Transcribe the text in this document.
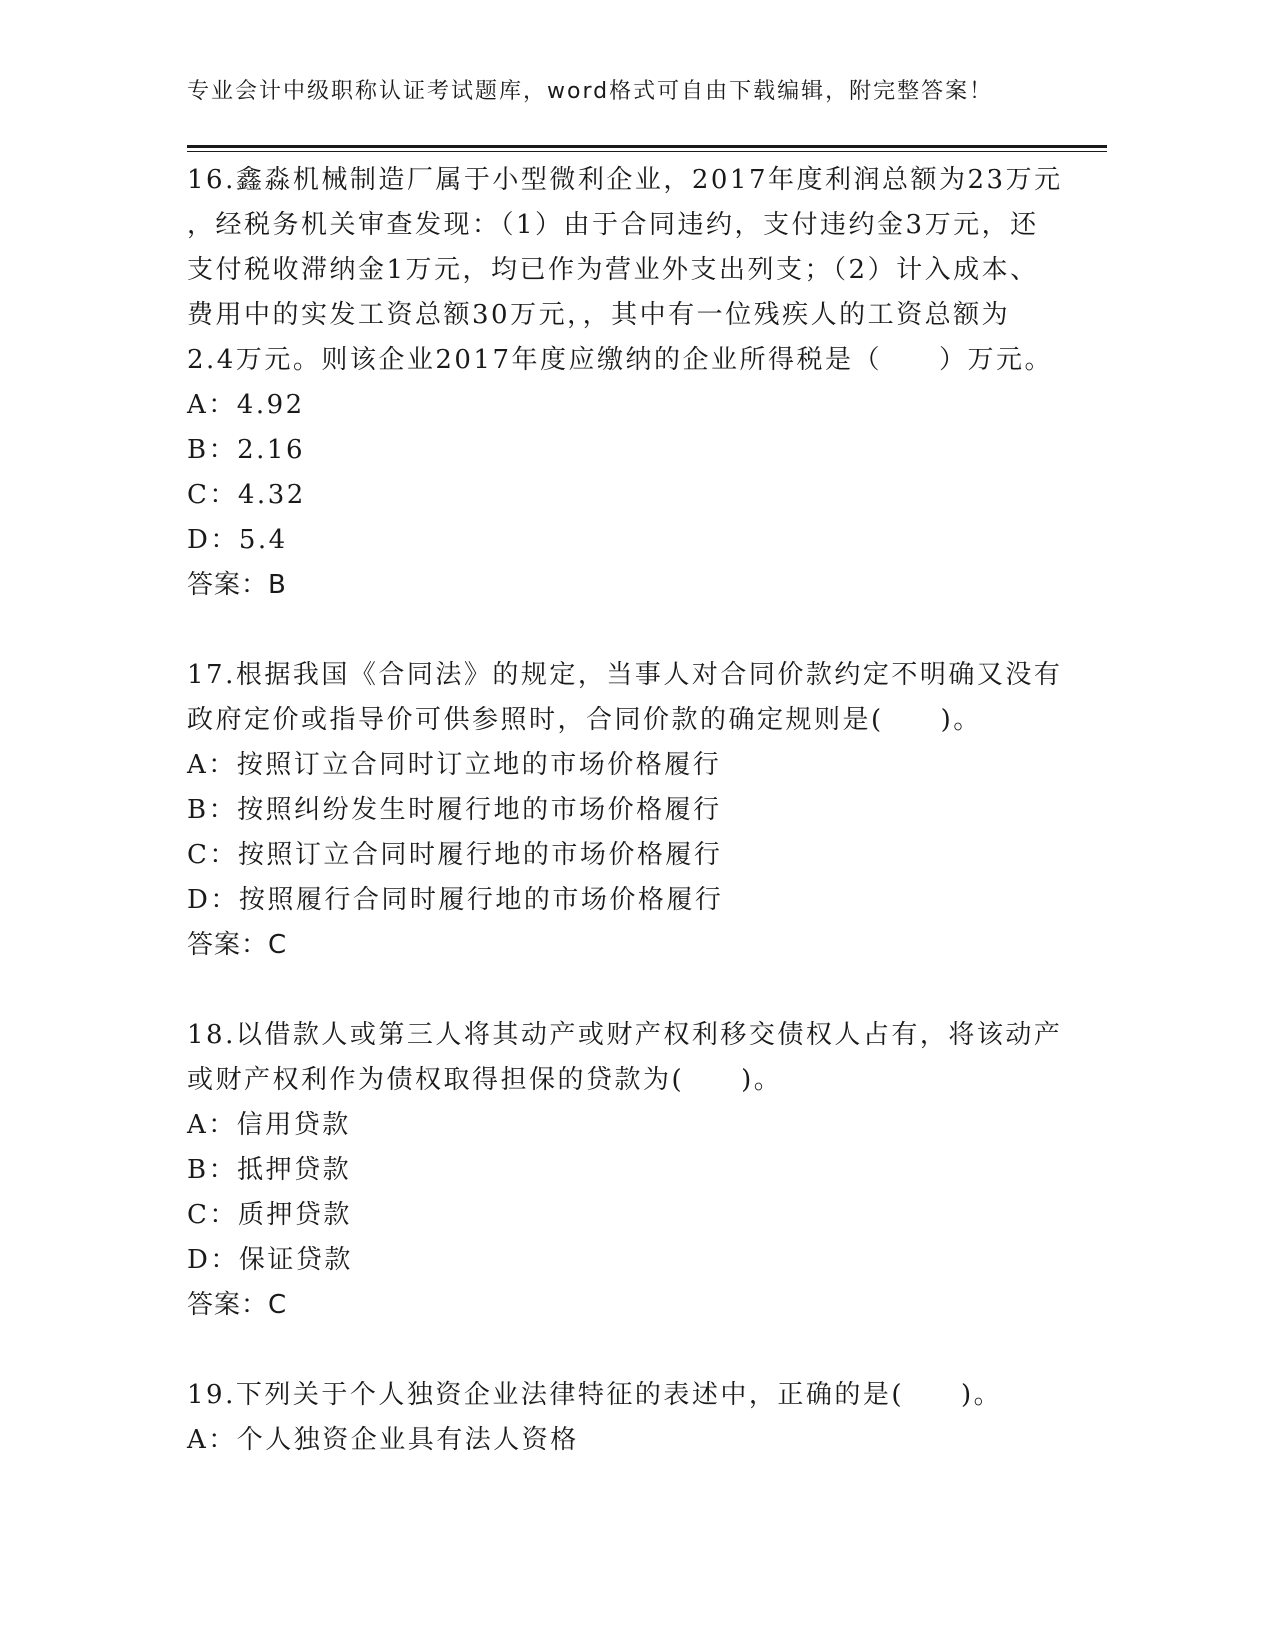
专业会计中级职称认证考试题库，word格式可自由下载编辑，附完整答案！

16.鑫淼机械制造厂属于小型微利企业，2017年度利润总额为23万元

，经税务机关审查发现：（1）由于合同违约，支付违约金3万元，还

支付税收滞纳金1万元，均已作为营业外支出列支；（2）计入成本、

费用中的实发工资总额30万元，，其中有一位残疾人的工资总额为

2.4万元。则该企业2017年度应缴纳的企业所得税是（　　）万元。

A：4.92

B：2.16

C：4.32

D：5.4

答案：B

17.根据我国《合同法》的规定，当事人对合同价款约定不明确又没有

政府定价或指导价可供参照时，合同价款的确定规则是(　　)。

A：按照订立合同时订立地的市场价格履行

B：按照纠纷发生时履行地的市场价格履行

C：按照订立合同时履行地的市场价格履行

D：按照履行合同时履行地的市场价格履行

答案：C

18.以借款人或第三人将其动产或财产权利移交债权人占有，将该动产

或财产权利作为债权取得担保的贷款为(　　)。

A：信用贷款

B：抵押贷款

C：质押贷款

D：保证贷款

答案：C

19.下列关于个人独资企业法律特征的表述中，正确的是(　　)。

A：个人独资企业具有法人资格
